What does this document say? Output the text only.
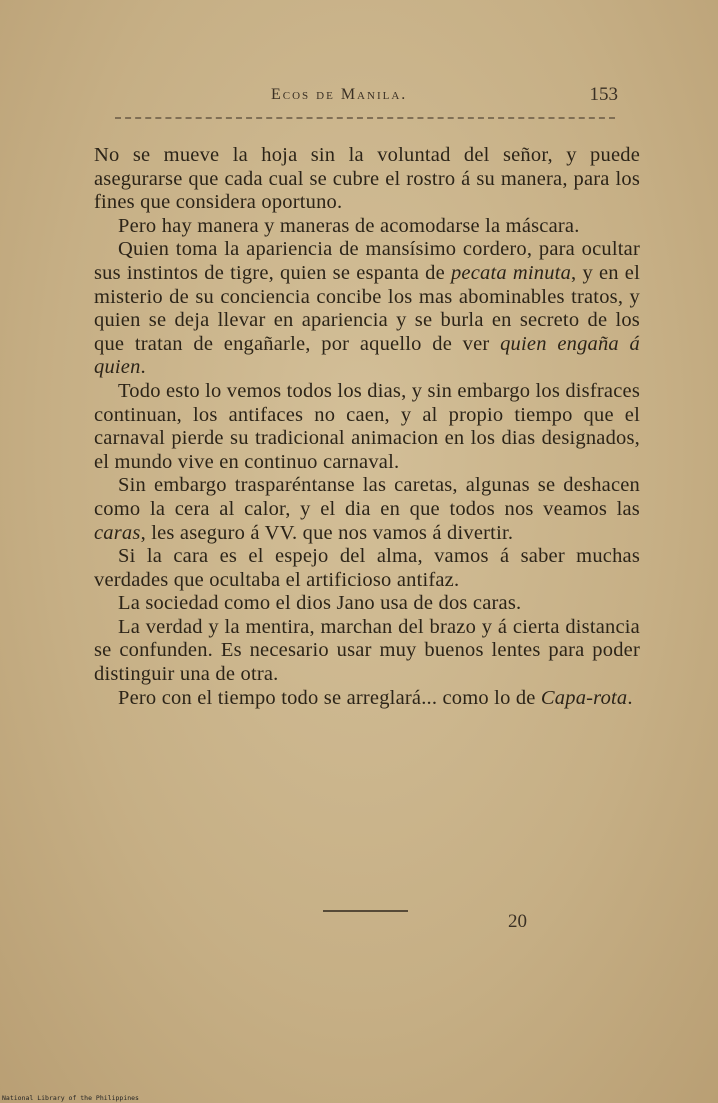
Ecos de Manila.	153

No se mueve la hoja sin la voluntad del señor, y puede asegurarse que cada cual se cubre el rostro á su manera, para los fines que considera oportuno.

Pero hay manera y maneras de acomodarse la máscara.

Quien toma la apariencia de mansísimo cordero, para ocultar sus instintos de tigre, quien se espanta de pecata minuta, y en el misterio de su conciencia concibe los mas abominables tratos, y quien se deja llevar en apariencia y se burla en secreto de los que tratan de engañarle, por aquello de ver quien engaña á quien.

Todo esto lo vemos todos los dias, y sin embargo los disfraces continuan, los antifaces no caen, y al propio tiempo que el carnaval pierde su tradicional animacion en los dias designados, el mundo vive en continuo carnaval.

Sin embargo trasparéntanse las caretas, algunas se deshacen como la cera al calor, y el dia en que todos nos veamos las caras, les aseguro á VV. que nos vamos á divertir.

Si la cara es el espejo del alma, vamos á saber muchas verdades que ocultaba el artificioso antifaz.

La sociedad como el dios Jano usa de dos caras.

La verdad y la mentira, marchan del brazo y á cierta distancia se confunden. Es necesario usar muy buenos lentes para poder distinguir una de otra.

Pero con el tiempo todo se arreglará... como lo de Capa-rota.

20
National Library of the Philippines
